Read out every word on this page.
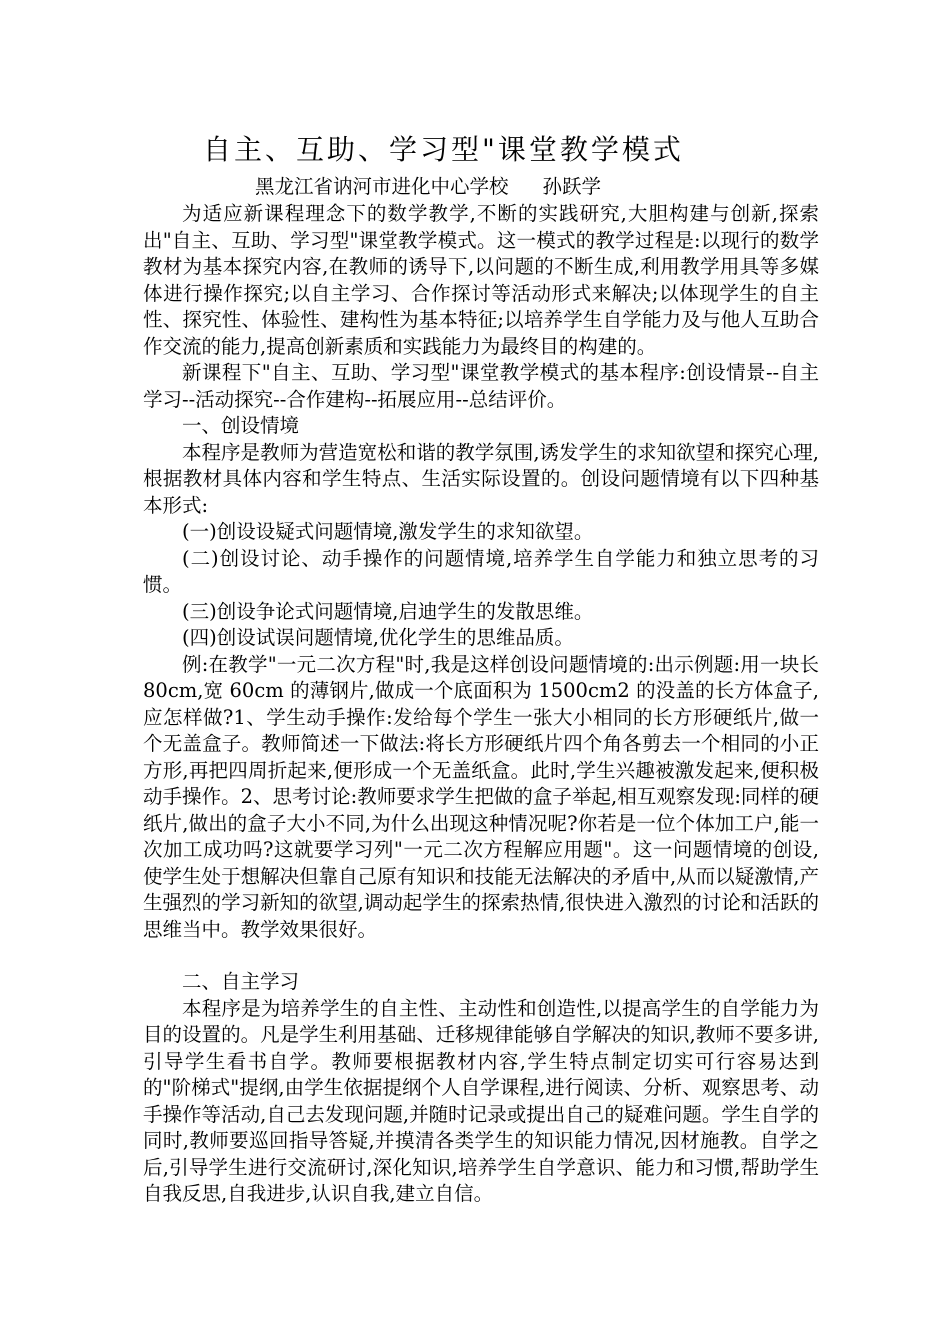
自主、互助、学习型"课堂教学模式
黑龙江省讷河市进化中心学校 孙跃学

为适应新课程理念下的数学教学,不断的实践研究,大胆构建与创新,探索出"自主、互助、学习型"课堂教学模式。这一模式的教学过程是:以现行的数学教材为基本探究内容,在教师的诱导下,以问题的不断生成,利用教学用具等多媒体进行操作探究;以自主学习、合作探讨等活动形式来解决;以体现学生的自主性、探究性、体验性、建构性为基本特征;以培养学生自学能力及与他人互助合作交流的能力,提高创新素质和实践能力为最终目的构建的。

新课程下"自主、互助、学习型"课堂教学模式的基本程序:创设情景--自主学习--活动探究--合作建构--拓展应用--总结评价。

一、创设情境

本程序是教师为营造宽松和谐的教学氛围,诱发学生的求知欲望和探究心理,根据教材具体内容和学生特点、生活实际设置的。创设问题情境有以下四种基本形式:

(一)创设设疑式问题情境,激发学生的求知欲望。

(二)创设讨论、动手操作的问题情境,培养学生自学能力和独立思考的习惯。

(三)创设争论式问题情境,启迪学生的发散思维。

(四)创设试误问题情境,优化学生的思维品质。

例:在教学"一元二次方程"时,我是这样创设问题情境的:出示例题:用一块长 80cm,宽 60cm 的薄钢片,做成一个底面积为 1500cm2 的没盖的长方体盒子,应怎样做?1、学生动手操作:发给每个学生一张大小相同的长方形硬纸片,做一个无盖盒子。教师简述一下做法:将长方形硬纸片四个角各剪去一个相同的小正方形,再把四周折起来,便形成一个无盖纸盒。此时,学生兴趣被激发起来,便积极动手操作。2、思考讨论:教师要求学生把做的盒子举起,相互观察发现:同样的硬纸片,做出的盒子大小不同,为什么出现这种情况呢?你若是一位个体加工户,能一次加工成功吗?这就要学习列"一元二次方程解应用题"。这一问题情境的创设,使学生处于想解决但靠自己原有知识和技能无法解决的矛盾中,从而以疑激情,产生强烈的学习新知的欲望,调动起学生的探索热情,很快进入激烈的讨论和活跃的思维当中。教学效果很好。

二、自主学习

本程序是为培养学生的自主性、主动性和创造性,以提高学生的自学能力为目的设置的。凡是学生利用基础、迁移规律能够自学解决的知识,教师不要多讲,引导学生看书自学。教师要根据教材内容,学生特点制定切实可行容易达到的"阶梯式"提纲,由学生依据提纲个人自学课程,进行阅读、分析、观察思考、动手操作等活动,自己去发现问题,并随时记录或提出自己的疑难问题。学生自学的同时,教师要巡回指导答疑,并摸清各类学生的知识能力情况,因材施教。自学之后,引导学生进行交流研讨,深化知识,培养学生自学意识、能力和习惯,帮助学生自我反思,自我进步,认识自我,建立自信。
